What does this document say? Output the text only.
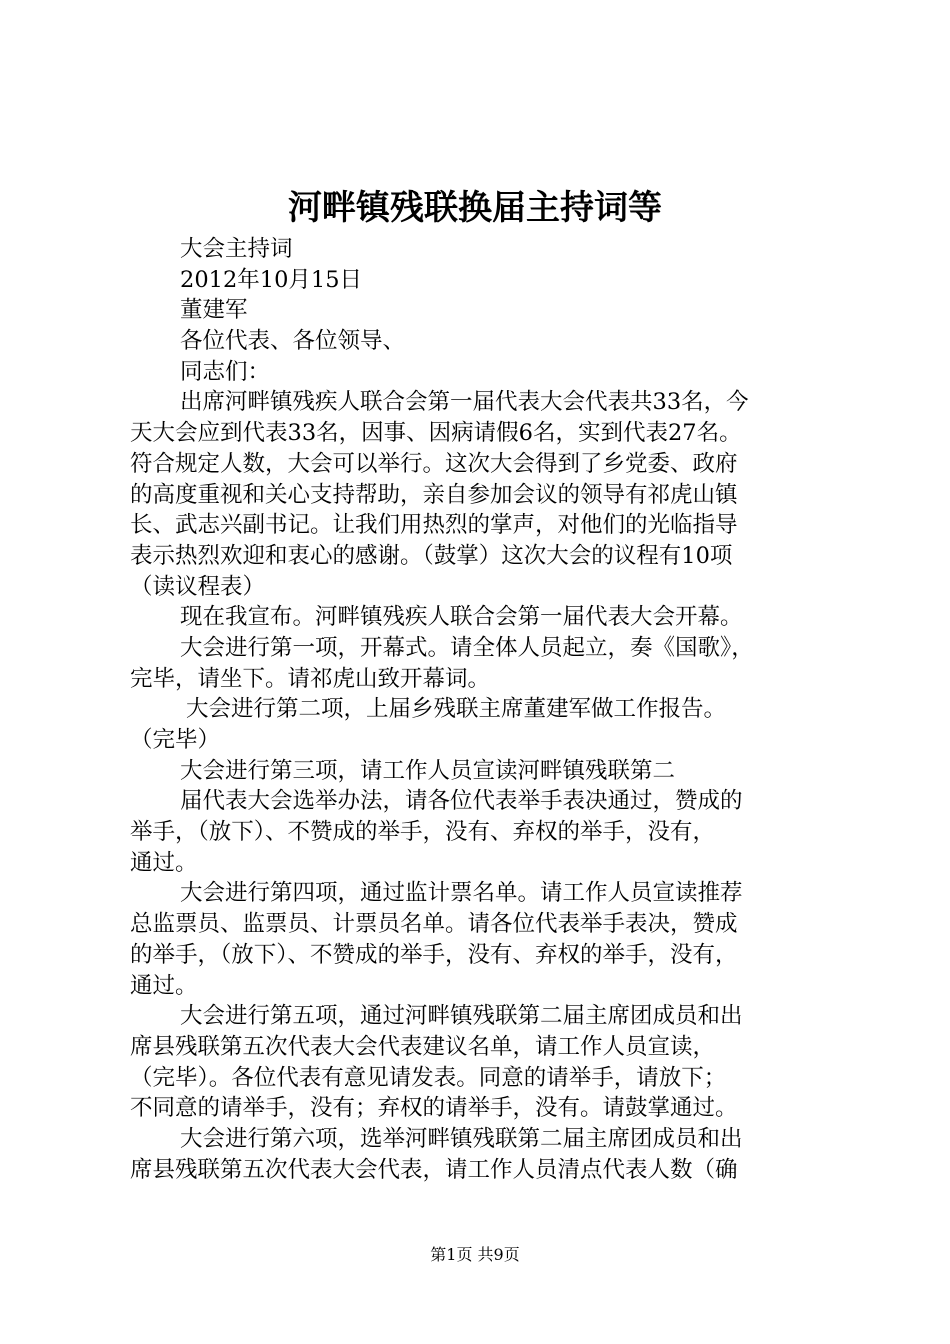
河畔镇残联换届主持词等
大会主持词
2012年10月15日
董建军
各位代表、各位领导、
同志们：
出席河畔镇残疾人联合会第一届代表大会代表共33名，今
天大会应到代表33名，因事、因病请假6名，实到代表27名。
符合规定人数，大会可以举行。这次大会得到了乡党委、政府
的高度重视和关心支持帮助，亲自参加会议的领导有祁虎山镇
长、武志兴副书记。让我们用热烈的掌声，对他们的光临指导
表示热烈欢迎和衷心的感谢。（鼓掌）这次大会的议程有10项
（读议程表）
现在我宣布。河畔镇残疾人联合会第一届代表大会开幕。
大会进行第一项，开幕式。请全体人员起立，奏《国歌》，
完毕，请坐下。请祁虎山致开幕词。
大会进行第二项，上届乡残联主席董建军做工作报告。
（完毕）
大会进行第三项，请工作人员宣读河畔镇残联第二
届代表大会选举办法，请各位代表举手表决通过，赞成的
举手，（放下）、不赞成的举手，没有、弃权的举手，没有，
通过。
大会进行第四项，通过监计票名单。请工作人员宣读推荐
总监票员、监票员、计票员名单。请各位代表举手表决，赞成
的举手，（放下）、不赞成的举手，没有、弃权的举手，没有，
通过。
大会进行第五项，通过河畔镇残联第二届主席团成员和出
席县残联第五次代表大会代表建议名单，请工作人员宣读，
（完毕）。各位代表有意见请发表。同意的请举手，请放下；
不同意的请举手，没有；弃权的请举手，没有。请鼓掌通过。
大会进行第六项，选举河畔镇残联第二届主席团成员和出
席县残联第五次代表大会代表，请工作人员清点代表人数（确
第1页 共9页
